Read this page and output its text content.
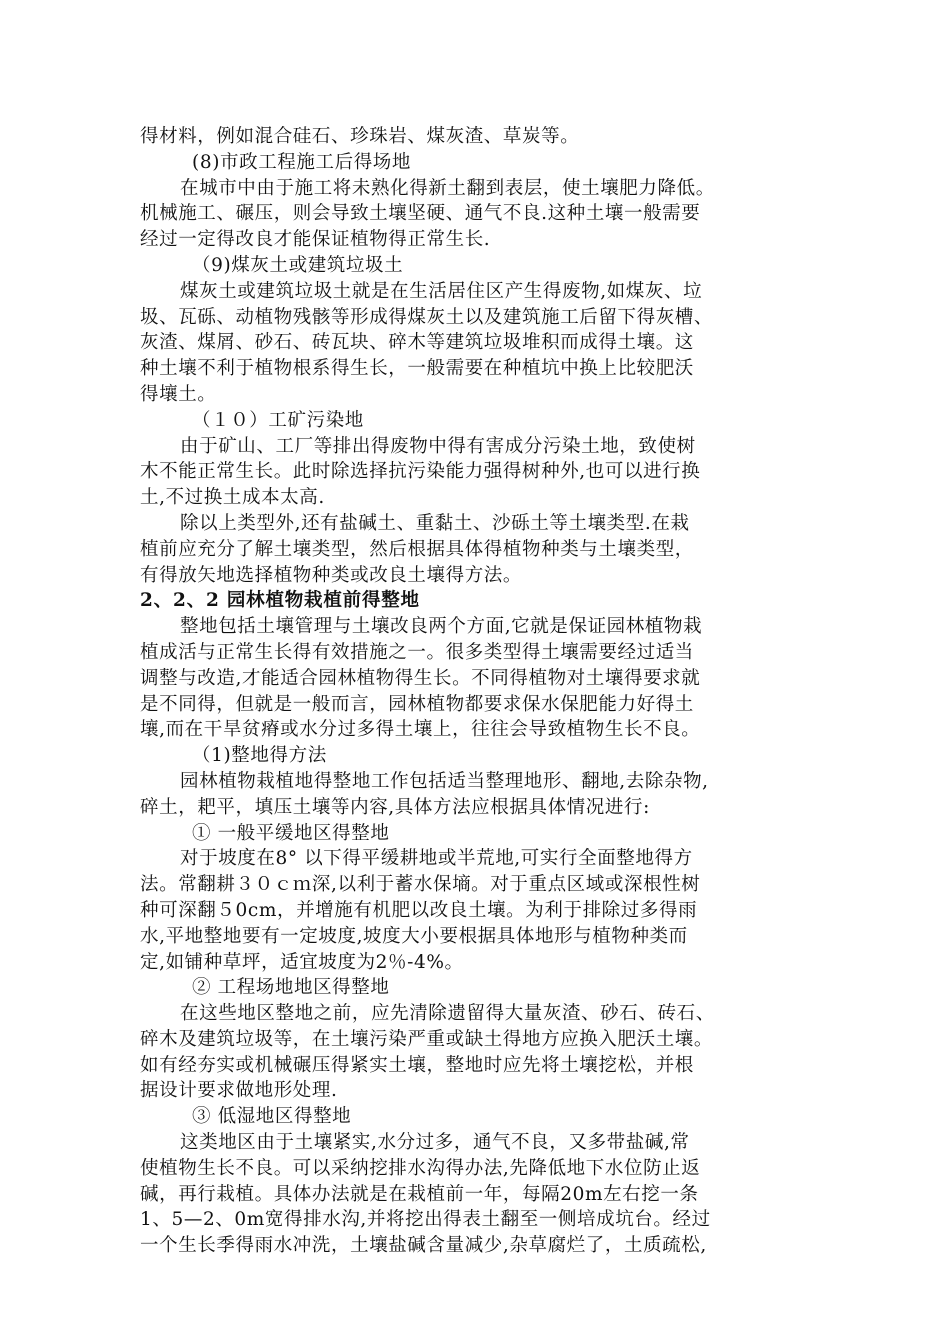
得材料，例如混合硅石、珍珠岩、煤灰渣、草炭等。
(8)市政工程施工后得场地
在城市中由于施工将未熟化得新土翻到表层，使土壤肥力降低。
机械施工、碾压，则会导致土壤坚硬、通气不良.这种土壤一般需要
经过一定得改良才能保证植物得正常生长.
（9)煤灰土或建筑垃圾土
煤灰土或建筑垃圾土就是在生活居住区产生得废物,如煤灰、垃
圾、瓦砾、动植物残骸等形成得煤灰土以及建筑施工后留下得灰槽、
灰渣、煤屑、砂石、砖瓦块、碎木等建筑垃圾堆积而成得土壤。这
种土壤不利于植物根系得生长，一般需要在种植坑中换上比较肥沃
得壤土。
（１０）工矿污染地
由于矿山、工厂等排出得废物中得有害成分污染土地，致使树
木不能正常生长。此时除选择抗污染能力强得树种外,也可以进行换
土,不过换土成本太高.
除以上类型外,还有盐碱土、重黏土、沙砾土等土壤类型.在栽
植前应充分了解土壤类型，然后根据具体得植物种类与土壤类型，
有得放矢地选择植物种类或改良土壤得方法。
2、2、2 园林植物栽植前得整地
整地包括土壤管理与土壤改良两个方面,它就是保证园林植物栽
植成活与正常生长得有效措施之一。很多类型得土壤需要经过适当
调整与改造,才能适合园林植物得生长。不同得植物对土壤得要求就
是不同得，但就是一般而言，园林植物都要求保水保肥能力好得土
壤,而在干旱贫瘠或水分过多得土壤上，往往会导致植物生长不良。
（1)整地得方法
园林植物栽植地得整地工作包括适当整理地形、翻地,去除杂物,
碎土，耙平，填压土壤等内容,具体方法应根据具体情况进行:
① 一般平缓地区得整地
对于坡度在8° 以下得平缓耕地或半荒地,可实行全面整地得方
法。常翻耕３０ｃｍ深,以利于蓄水保墒。对于重点区域或深根性树
种可深翻５0cm，并增施有机肥以改良土壤。为利于排除过多得雨
水,平地整地要有一定坡度,坡度大小要根据具体地形与植物种类而
定,如铺种草坪，适宜坡度为2％-4%。
② 工程场地地区得整地
在这些地区整地之前，应先清除遗留得大量灰渣、砂石、砖石、
碎木及建筑垃圾等，在土壤污染严重或缺土得地方应换入肥沃土壤。
如有经夯实或机械碾压得紧实土壤，整地时应先将土壤挖松，并根
据设计要求做地形处理.
③ 低湿地区得整地
这类地区由于土壤紧实,水分过多，通气不良，又多带盐碱,常
使植物生长不良。可以采纳挖排水沟得办法,先降低地下水位防止返
碱，再行栽植。具体办法就是在栽植前一年，每隔20m左右挖一条
1、5—2、0m宽得排水沟,并将挖出得表土翻至一侧培成坑台。经过
一个生长季得雨水冲洗，土壤盐碱含量减少,杂草腐烂了，土质疏松,
